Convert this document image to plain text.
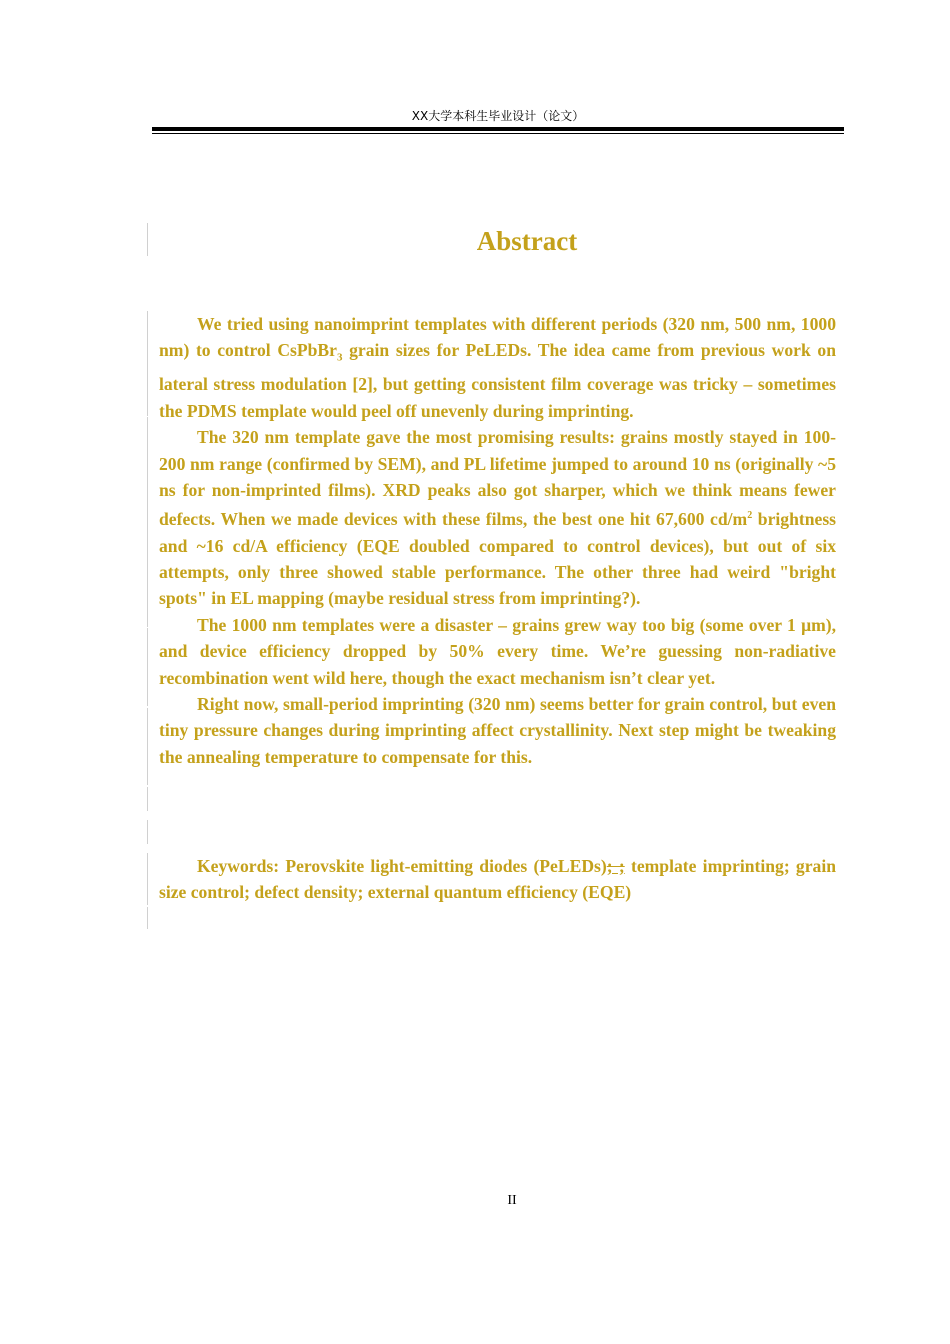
XX大学本科生毕业设计（论文）
Abstract

We tried using nanoimprint templates with different periods (320 nm, 500 nm, 1000 nm) to control CsPbBr$_3$ grain sizes for PeLEDs. The idea came from previous work on lateral stress modulation [2], but getting consistent film coverage was tricky – sometimes the PDMS template would peel off unevenly during imprinting.

The 320 nm template gave the most promising results: grains mostly stayed in 100-200 nm range (confirmed by SEM), and PL lifetime jumped to around 10 ns (originally ~5 ns for non-imprinted films). XRD peaks also got sharper, which we think means fewer defects. When we made devices with these films, the best one hit 67,600 $cd/m^2$ brightness and ~16 cd/A efficiency (EQE doubled compared to control devices), but out of six attempts, only three showed stable performance. The other three had weird "bright spots" in EL mapping (maybe residual stress from imprinting?).

The 1000 nm templates were a disaster – grains grew way too big (some over 1 μm), and device efficiency dropped by 50% every time. We’re guessing non-radiative recombination went wild here, though the exact mechanism isn’t clear yet.

Right now, small-period imprinting (320 nm) seems better for grain control, but even tiny pressure changes during imprinting affect crystallinity. Next step might be tweaking the annealing temperature to compensate for this.

Keywords: Perovskite light-emitting diodes (PeLEDs); ; template imprinting; grain size control; defect density; external quantum efficiency (EQE)

II
